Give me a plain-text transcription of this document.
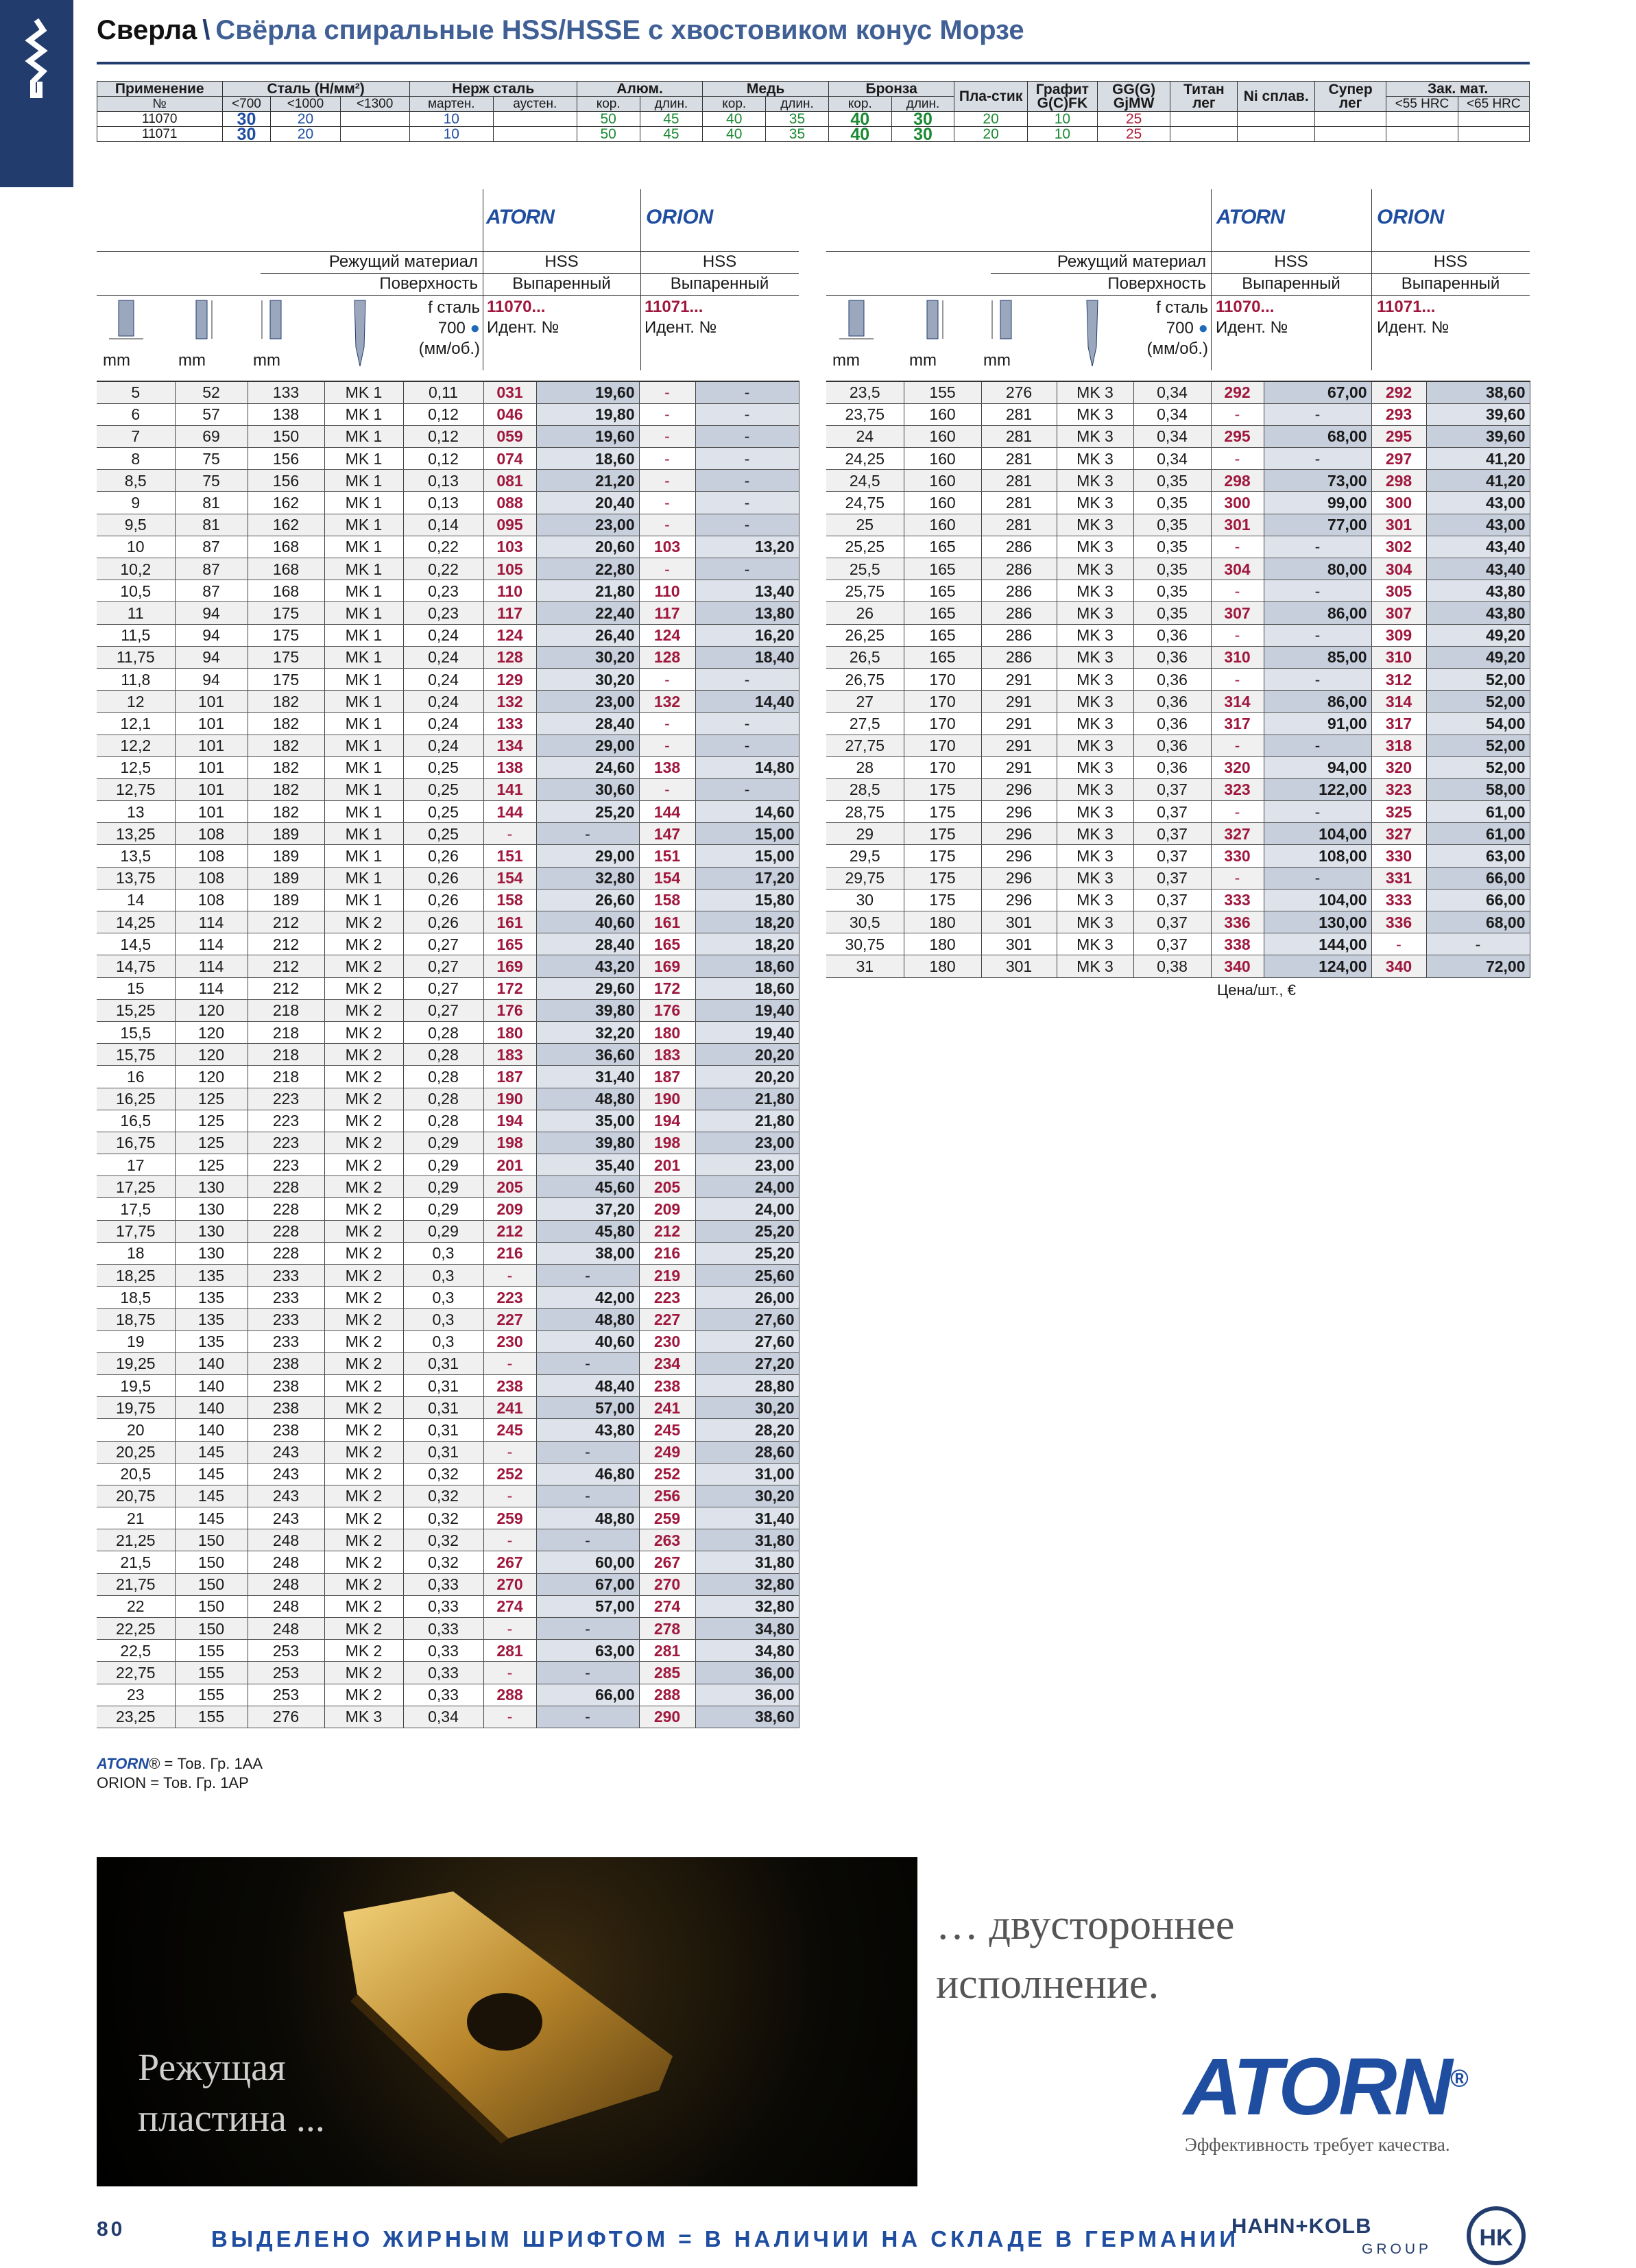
Сверла \ Свёрла спиральные HSS/HSSE с хвостовиком конус Морзе
Применение	Сталь (Н/мм²)			Нерж сталь		Алюм.		Медь		Бронза		Пла-стик	Графит G(C)FK	GG(G) GjMW	Титан лег	Ni сплав.	Супер лег	Зак. мат.	
№	<700	<1000	<1300	мартен.	аустен.	кор.	длин.	кор.	длин.	кор.	длин.							<55 HRC	<65 HRC
11070	30	20		10		50	45	40	35	40	30	20	10	25					
11071	30	20		10		50	45	40	35	40	30	20	10	25					
ATORN	ORION
Режущий материал	HSS	HSS
Поверхность	Выпаренный	Выпаренный
mm	mm	mm
f сталь 700 ●
(мм/об.)
11070...
Идент. №
11071...
Идент. №
ATORN	ORION
Режущий материал	HSS	HSS
Поверхность	Выпаренный	Выпаренный
mm	mm	mm
f сталь 700 ●
(мм/об.)
11070...
Идент. №
11071...
Идент. №
5	52	133	MK 1	0,11	031	19,60	-	-
6	57	138	MK 1	0,12	046	19,80	-	-
7	69	150	MK 1	0,12	059	19,60	-	-
8	75	156	MK 1	0,12	074	18,60	-	-
8,5	75	156	MK 1	0,13	081	21,20	-	-
9	81	162	MK 1	0,13	088	20,40	-	-
9,5	81	162	MK 1	0,14	095	23,00	-	-
10	87	168	MK 1	0,22	103	20,60	103	13,20
10,2	87	168	MK 1	0,22	105	22,80	-	-
10,5	87	168	MK 1	0,23	110	21,80	110	13,40
11	94	175	MK 1	0,23	117	22,40	117	13,80
11,5	94	175	MK 1	0,24	124	26,40	124	16,20
11,75	94	175	MK 1	0,24	128	30,20	128	18,40
11,8	94	175	MK 1	0,24	129	30,20	-	-
12	101	182	MK 1	0,24	132	23,00	132	14,40
12,1	101	182	MK 1	0,24	133	28,40	-	-
12,2	101	182	MK 1	0,24	134	29,00	-	-
12,5	101	182	MK 1	0,25	138	24,60	138	14,80
12,75	101	182	MK 1	0,25	141	30,60	-	-
13	101	182	MK 1	0,25	144	25,20	144	14,60
13,25	108	189	MK 1	0,25	-	-	147	15,00
13,5	108	189	MK 1	0,26	151	29,00	151	15,00
13,75	108	189	MK 1	0,26	154	32,80	154	17,20
14	108	189	MK 1	0,26	158	26,60	158	15,80
14,25	114	212	MK 2	0,26	161	40,60	161	18,20
14,5	114	212	MK 2	0,27	165	28,40	165	18,20
14,75	114	212	MK 2	0,27	169	43,20	169	18,60
15	114	212	MK 2	0,27	172	29,60	172	18,60
15,25	120	218	MK 2	0,27	176	39,80	176	19,40
15,5	120	218	MK 2	0,28	180	32,20	180	19,40
15,75	120	218	MK 2	0,28	183	36,60	183	20,20
16	120	218	MK 2	0,28	187	31,40	187	20,20
16,25	125	223	MK 2	0,28	190	48,80	190	21,80
16,5	125	223	MK 2	0,28	194	35,00	194	21,80
16,75	125	223	MK 2	0,29	198	39,80	198	23,00
17	125	223	MK 2	0,29	201	35,40	201	23,00
17,25	130	228	MK 2	0,29	205	45,60	205	24,00
17,5	130	228	MK 2	0,29	209	37,20	209	24,00
17,75	130	228	MK 2	0,29	212	45,80	212	25,20
18	130	228	MK 2	0,3	216	38,00	216	25,20
18,25	135	233	MK 2	0,3	-	-	219	25,60
18,5	135	233	MK 2	0,3	223	42,00	223	26,00
18,75	135	233	MK 2	0,3	227	48,80	227	27,60
19	135	233	MK 2	0,3	230	40,60	230	27,60
19,25	140	238	MK 2	0,31	-	-	234	27,20
19,5	140	238	MK 2	0,31	238	48,40	238	28,80
19,75	140	238	MK 2	0,31	241	57,00	241	30,20
20	140	238	MK 2	0,31	245	43,80	245	28,20
20,25	145	243	MK 2	0,31	-	-	249	28,60
20,5	145	243	MK 2	0,32	252	46,80	252	31,00
20,75	145	243	MK 2	0,32	-	-	256	30,20
21	145	243	MK 2	0,32	259	48,80	259	31,40
21,25	150	248	MK 2	0,32	-	-	263	31,80
21,5	150	248	MK 2	0,32	267	60,00	267	31,80
21,75	150	248	MK 2	0,33	270	67,00	270	32,80
22	150	248	MK 2	0,33	274	57,00	274	32,80
22,25	150	248	MK 2	0,33	-	-	278	34,80
22,5	155	253	MK 2	0,33	281	63,00	281	34,80
22,75	155	253	MK 2	0,33	-	-	285	36,00
23	155	253	MK 2	0,33	288	66,00	288	36,00
23,25	155	276	MK 3	0,34	-	-	290	38,60
23,5	155	276	MK 3	0,34	292	67,00	292	38,60
23,75	160	281	MK 3	0,34	-	-	293	39,60
24	160	281	MK 3	0,34	295	68,00	295	39,60
24,25	160	281	MK 3	0,34	-	-	297	41,20
24,5	160	281	MK 3	0,35	298	73,00	298	41,20
24,75	160	281	MK 3	0,35	300	99,00	300	43,00
25	160	281	MK 3	0,35	301	77,00	301	43,00
25,25	165	286	MK 3	0,35	-	-	302	43,40
25,5	165	286	MK 3	0,35	304	80,00	304	43,40
25,75	165	286	MK 3	0,35	-	-	305	43,80
26	165	286	MK 3	0,35	307	86,00	307	43,80
26,25	165	286	MK 3	0,36	-	-	309	49,20
26,5	165	286	MK 3	0,36	310	85,00	310	49,20
26,75	170	291	MK 3	0,36	-	-	312	52,00
27	170	291	MK 3	0,36	314	86,00	314	52,00
27,5	170	291	MK 3	0,36	317	91,00	317	54,00
27,75	170	291	MK 3	0,36	-	-	318	52,00
28	170	291	MK 3	0,36	320	94,00	320	52,00
28,5	175	296	MK 3	0,37	323	122,00	323	58,00
28,75	175	296	MK 3	0,37	-	-	325	61,00
29	175	296	MK 3	0,37	327	104,00	327	61,00
29,5	175	296	MK 3	0,37	330	108,00	330	63,00
29,75	175	296	MK 3	0,37	-	-	331	66,00
30	175	296	MK 3	0,37	333	104,00	333	66,00
30,5	180	301	MK 3	0,37	336	130,00	336	68,00
30,75	180	301	MK 3	0,37	338	144,00	-	-
31	180	301	MK 3	0,38	340	124,00	340	72,00
ATORN® = Тов. Гр. 1AA
ORION = Тов. Гр. 1AP
Режущая
пластина ...
… двустороннее
исполнение.
ATORN®
Эффективность требует качества.
80	ВЫДЕЛЕНО ЖИРНЫМ ШРИФТОМ = В НАЛИЧИИ НА СКЛАДЕ В ГЕРМАНИИ
HAHN+KOLB
GROUP HK
Цена/шт., €
